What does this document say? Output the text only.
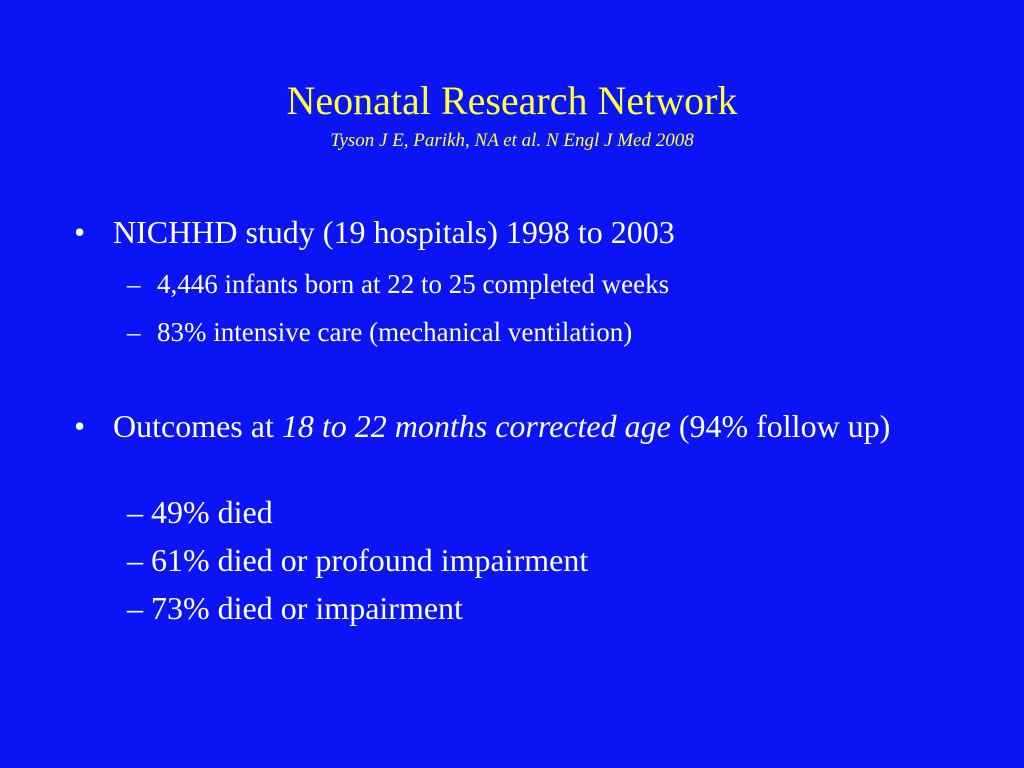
Neonatal Research Network
Tyson J E, Parikh, NA et al. N Engl J Med 2008
• NICHHD study (19 hospitals) 1998 to 2003
– 4,446 infants born at 22 to 25 completed weeks
– 83% intensive care (mechanical ventilation)
• Outcomes at 18 to 22 months corrected age (94% follow up)
– 49% died
– 61% died or profound impairment
– 73% died or impairment
